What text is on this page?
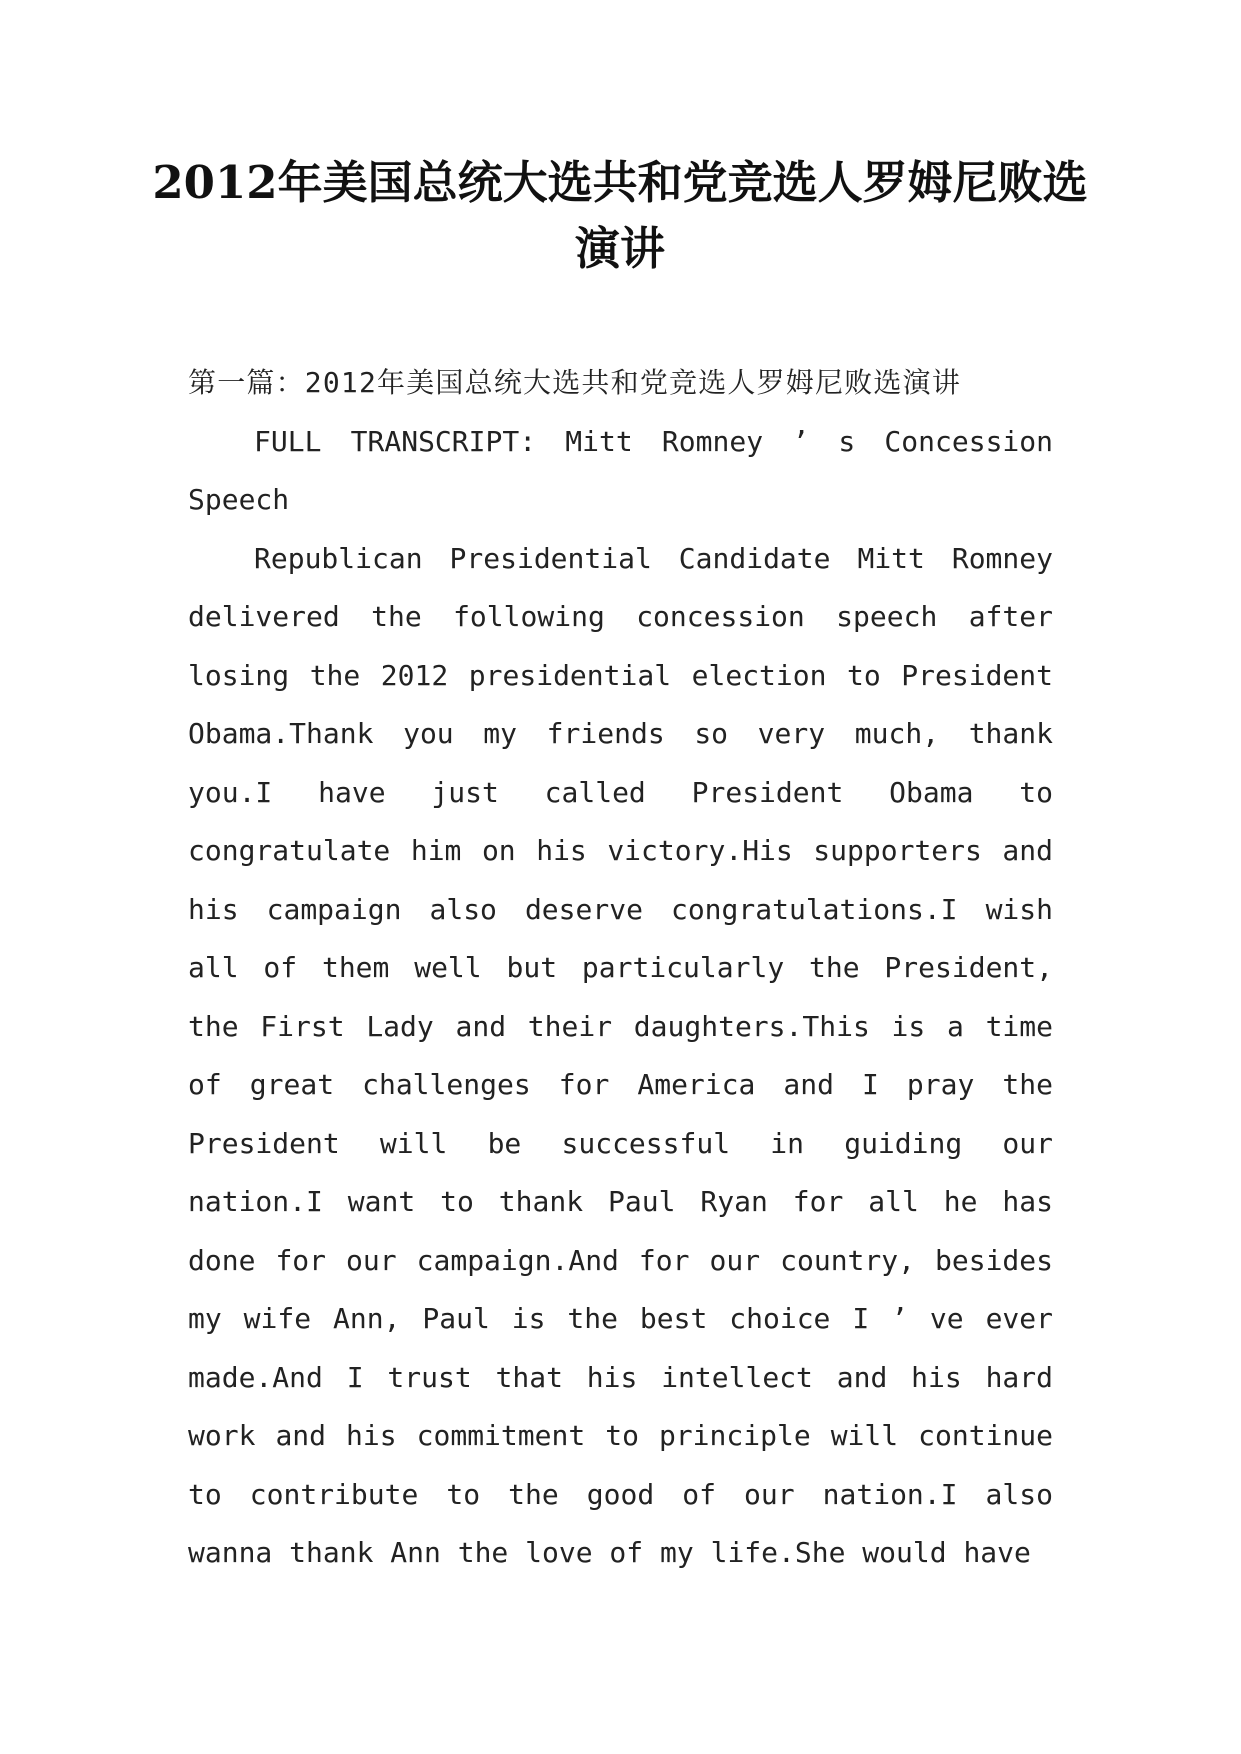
2012年美国总统大选共和党竞选人罗姆尼败选演讲

第一篇：2012年美国总统大选共和党竞选人罗姆尼败选演讲

FULL TRANSCRIPT: Mitt Romney ’ s Concession Speech

Republican Presidential Candidate Mitt Romney delivered the following concession speech after losing the 2012 presidential election to President Obama.Thank you my friends so very much, thank you.I have just called President Obama to congratulate him on his victory.His supporters and his campaign also deserve congratulations.I wish all of them well but particularly the President, the First Lady and their daughters.This is a time of great challenges for America and I pray the President will be successful in guiding our nation.I want to thank Paul Ryan for all he has done for our campaign.And for our country, besides my wife Ann, Paul is the best choice I ’ ve ever made.And I trust that his intellect and his hard work and his commitment to principle will continue to contribute to the good of our nation.I also wanna thank Ann the love of my life.She would have
